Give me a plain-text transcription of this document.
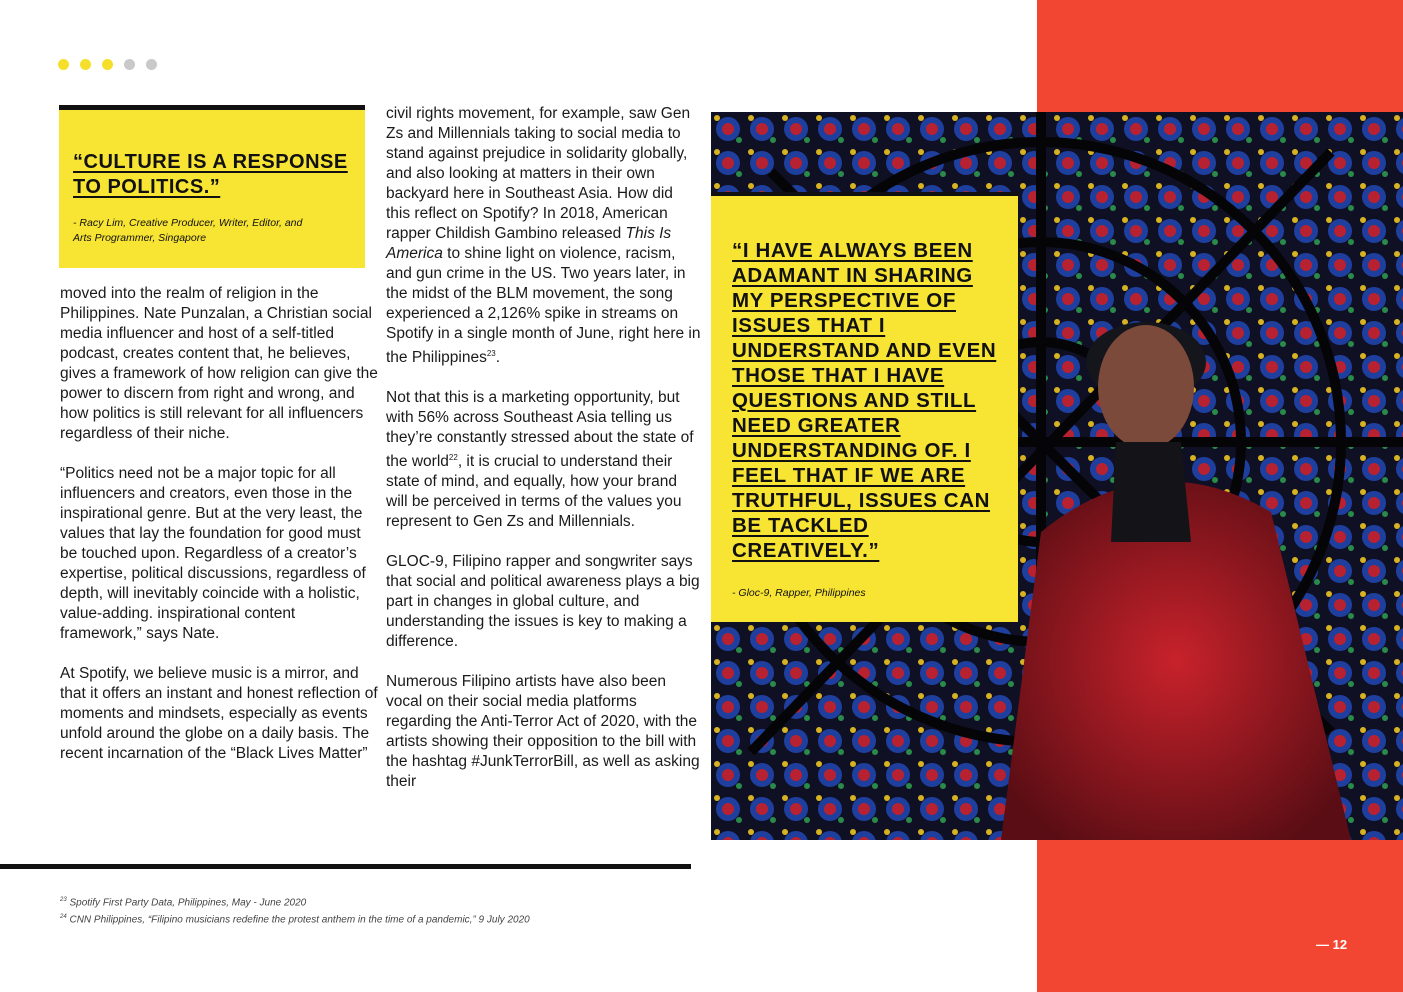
“CULTURE IS A RESPONSE TO POLITICS.”
- Racy Lim, Creative Producer, Writer, Editor, and Arts Programmer, Singapore

moved into the realm of religion in the Philippines. Nate Punzalan, a Christian social media influencer and host of a self-titled podcast, creates content that, he believes, gives a framework of how religion can give the power to discern from right and wrong, and how politics is still relevant for all influencers regardless of their niche.

“Politics need not be a major topic for all influencers and creators, even those in the inspirational genre. But at the very least, the values that lay the foundation for good must be touched upon. Regardless of a creator’s expertise, political discussions, regardless of depth, will inevitably coincide with a holistic, value-adding. inspirational content framework,” says Nate.

At Spotify, we believe music is a mirror, and that it offers an instant and honest reflection of moments and mindsets, especially as events unfold around the globe on a daily basis. The recent incarnation of the “Black Lives Matter”

civil rights movement, for example, saw Gen Zs and Millennials taking to social media to stand against prejudice in solidarity globally, and also looking at matters in their own backyard here in Southeast Asia. How did this reflect on Spotify? In 2018, American rapper Childish Gambino released This Is America to shine light on violence, racism, and gun crime in the US. Two years later, in the midst of the BLM movement, the song experienced a 2,126% spike in streams on Spotify in a single month of June, right here in the Philippines$^{23}$.

Not that this is a marketing opportunity, but with 56% across Southeast Asia telling us they’re constantly stressed about the state of the world$^{22}$, it is crucial to understand their state of mind, and equally, how your brand will be perceived in terms of the values you represent to Gen Zs and Millennials.

GLOC-9, Filipino rapper and songwriter says that social and political awareness plays a big part in changes in global culture, and understanding the issues is key to making a difference.

Numerous Filipino artists have also been vocal on their social media platforms regarding the Anti-Terror Act of 2020, with the artists showing their opposition to the bill with the hashtag #JunkTerrorBill, as well as asking their

$^{23}$ Spotify First Party Data, Philippines, May - June 2020
$^{24}$ CNN Philippines, “Filipino musicians redefine the protest anthem in the time of a pandemic,” 9 July 2020
“I HAVE ALWAYS BEEN ADAMANT IN SHARING MY PERSPECTIVE OF ISSUES THAT I UNDERSTAND AND EVEN THOSE THAT I HAVE QUESTIONS AND STILL NEED GREATER UNDERSTANDING OF. I FEEL THAT IF WE ARE TRUTHFUL, ISSUES CAN BE TACKLED CREATIVELY.”
- Gloc-9, Rapper, Philippines
— 12
